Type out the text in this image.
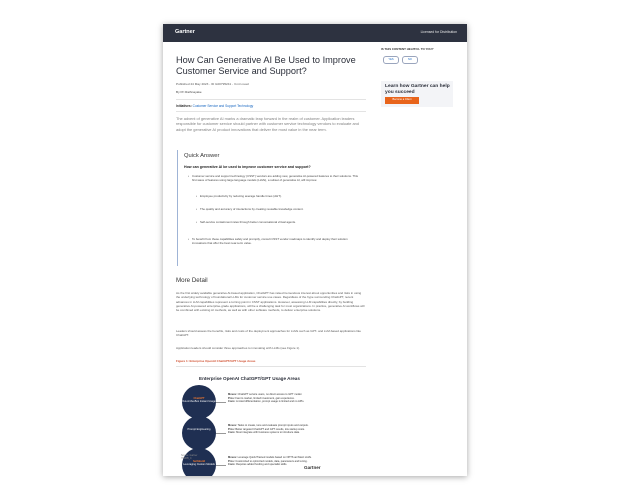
Gartner	Licensed for Distribution
How Can Generative AI Be Used to Improve Customer Service and Support?
Published 24 May 2023 - ID G00795241 - 3 min read
By Pri Rathnayake
Initiatives: Customer Service and Support Technology
The advent of generative AI marks a dramatic leap forward in the realm of customer. Application leaders responsible for customer service should partner with customer service technology vendors to evaluate and adopt the generative AI product innovations that deliver the most value in the near term.
Quick Answer
How can generative AI be used to improve customer service and support?
• Customer service and support technology (CSST) vendors are adding new, generative AI-powered features to their solutions. This first wave of features using large language models (LLMs), a subset of generative AI, will improve:
• Employee productivity by reducing average handle times (AHT).
• The quality and accuracy of interactions by creating reusable knowledge content.
• Self-service containment rates through better conversational virtual agents.
• To benefit from these capabilities safely and promptly, consult CSST vendor roadmaps to identify and deploy their solution innovations that offer the best near-term value.
More Detail
As the first widely available generative AI-based application, ChatGPT has raised tremendous interest about opportunities and risks in using the underlying technology of foundational LLMs for customer service use cases. Regardless of the hype surrounding ChatGPT, recent advances in LLM capabilities represent a turning point in CSST applications. However, assessing LLM capabilities directly, by building generative AI-powered enterprise-grade applications, will be a challenging task for most organizations. In practice, generative AI workflows will be combined with existing AI methods, as well as with other software methods, to deliver enterprise solutions.
Leaders should assess the benefits, risks and costs of the deployment approaches for LLMs such as GPT- and LLM-based applications like ChatGPT.
Application leaders should consider three approaches to innovating with LLMs (see Figure 1).
Figure 1: Enterprise OpenAI ChatGPT/GPT Usage Areas
Enterprise OpenAI ChatGPT/GPT Usage Areas
ChatGPT
Out-of-the-Box Instant Usage
Moves: ChatGPT service users, no direct access to GPT model.
Pros: Fast to market, limited investment, gain experience.
Cons: Limited differentiation, prompt usage is limited and no APIs.
Prompt Engineering
Moves: Tasks to create, tune and evaluate prompt inputs and outputs.
Pros: Better targeted ChatGPT and GPT results, low startup costs.
Cons: Must integrate with business systems to introduce data.
Self-Build
Leveraging Custom Models
Moves: Leverage Quick/Trained models based on OPTS architect LLMs.
Pros: Customized to optimized models, data, parameters and tuning.
Cons: Requires added funding and specialist skills.
Source: Gartner
769495_C
Gartner
IS THIS CONTENT HELPFUL TO YOU?
YES	NO
Learn how Gartner can help you succeed
Become a Client
